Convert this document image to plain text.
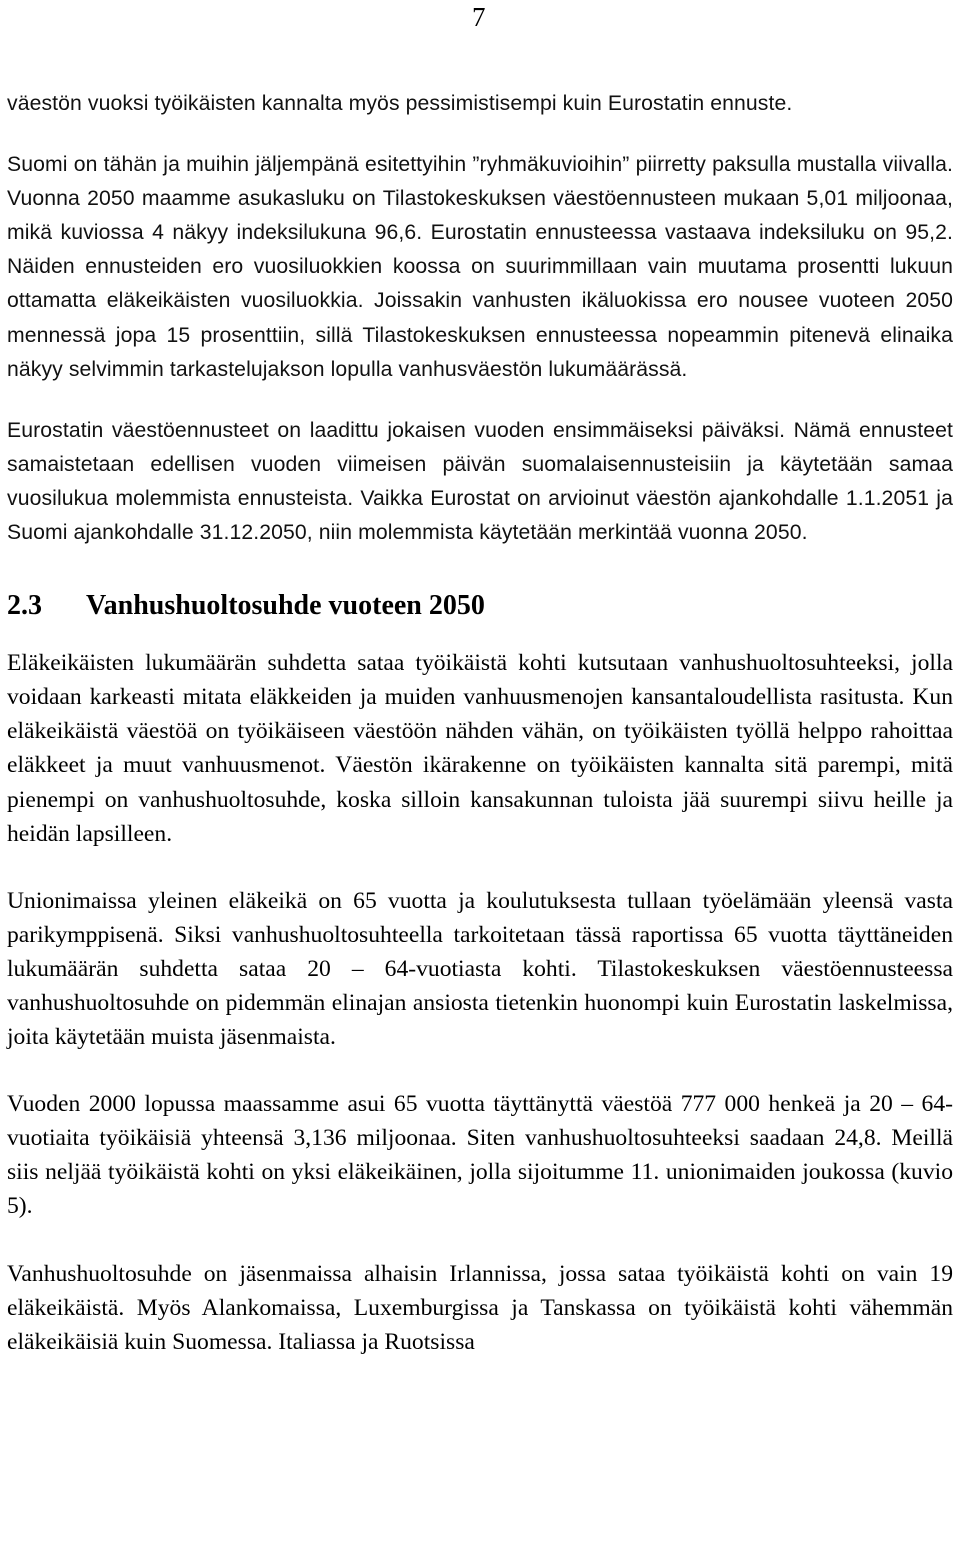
7

väestön vuoksi työikäisten kannalta myös pessimistisempi kuin Eurostatin ennuste.

Suomi on tähän ja muihin jäljempänä esitettyihin ”ryhmäkuvioihin” piirretty paksulla mustalla viivalla. Vuonna 2050 maamme asukasluku on Tilastokeskuksen väestöennusteen mukaan 5,01 miljoonaa, mikä kuviossa 4 näkyy indeksilukuna 96,6. Eurostatin ennusteessa vastaava indeksiluku on 95,2. Näiden ennusteiden ero vuosiluokkien koossa on suurimmillaan vain muutama prosentti lukuun ottamatta eläkeikäisten vuosiluokkia. Joissakin vanhusten ikäluokissa ero nousee vuoteen 2050 mennessä jopa 15 prosenttiin, sillä Tilastokeskuksen ennusteessa nopeammin pitenevä elinaika näkyy selvimmin tarkastelujakson lopulla vanhusväestön lukumäärässä.

Eurostatin väestöennusteet on laadittu jokaisen vuoden ensimmäiseksi päiväksi. Nämä ennusteet samaistetaan edellisen vuoden viimeisen päivän suomalaisennusteisiin ja käytetään samaa vuosilukua molemmista ennusteista. Vaikka Eurostat on arvioinut väestön ajankohdalle 1.1.2051 ja Suomi ajankohdalle 31.12.2050, niin molemmista käytetään merkintää vuonna 2050.

2.3	Vanhushuoltosuhde vuoteen 2050

Eläkeikäisten lukumäärän suhdetta sataa työikäistä kohti kutsutaan vanhushuoltosuhteeksi, jolla voidaan karkeasti mitata eläkkeiden ja muiden vanhuusmenojen kansantaloudellista rasitusta. Kun eläkeikäistä väestöä on työikäiseen väestöön nähden vähän, on työikäisten työllä helppo rahoittaa eläkkeet ja muut vanhuusmenot. Väestön ikärakenne on työikäisten kannalta sitä parempi, mitä pienempi on vanhushuoltosuhde, koska silloin kansakunnan tuloista jää suurempi siivu heille ja heidän lapsilleen.

Unionimaissa yleinen eläkeikä on 65 vuotta ja koulutuksesta tullaan työelämään yleensä vasta parikymppisenä. Siksi vanhushuoltosuhteella tarkoitetaan tässä raportissa 65 vuotta täyttäneiden lukumäärän suhdetta sataa 20 – 64-vuotiasta kohti. Tilastokeskuksen väestöennusteessa vanhushuoltosuhde on pidemmän elinajan ansiosta tietenkin huonompi kuin Eurostatin laskelmissa, joita käytetään muista jäsenmaista.

Vuoden 2000 lopussa maassamme asui 65 vuotta täyttänyttä väestöä 777 000 henkeä ja 20 – 64-vuotiaita työikäisiä yhteensä 3,136 miljoonaa. Siten vanhushuoltosuhteeksi saadaan 24,8. Meillä siis neljää työikäistä kohti on yksi eläkeikäinen, jolla sijoitumme 11. unionimaiden joukossa (kuvio 5).

Vanhushuoltosuhde on jäsenmaissa alhaisin Irlannissa, jossa sataa työikäistä kohti on vain 19 eläkeikäistä. Myös Alankomaissa, Luxemburgissa ja Tanskassa on työikäistä kohti vähemmän eläkeikäisiä kuin Suomessa. Italiassa ja Ruotsissa
